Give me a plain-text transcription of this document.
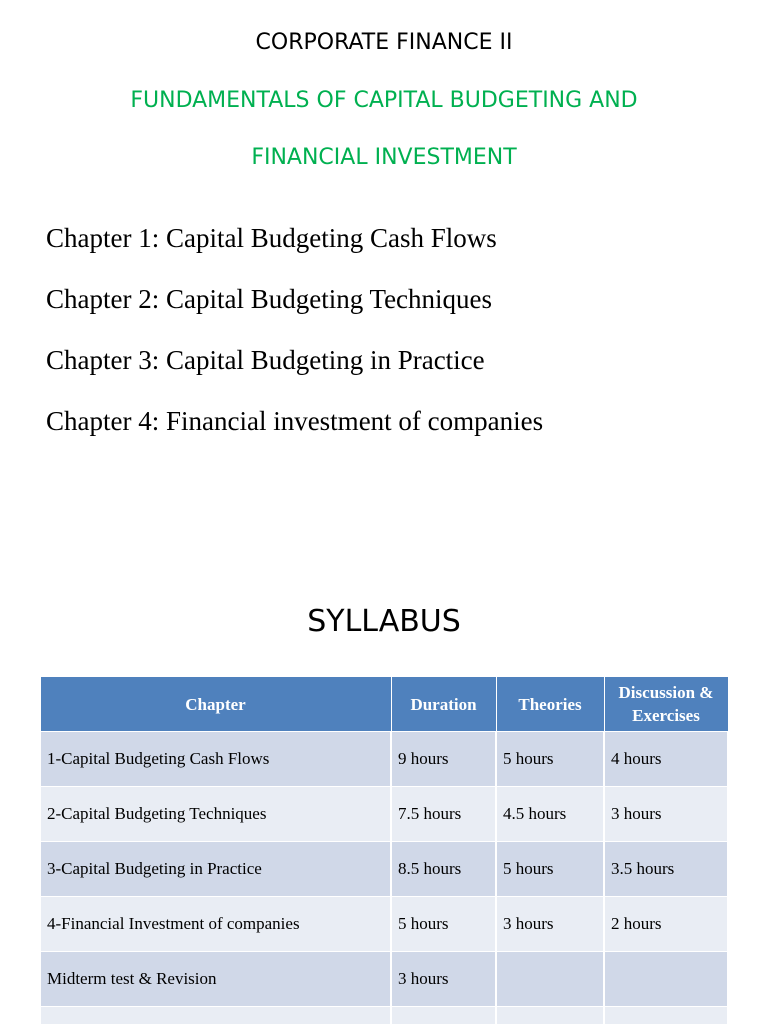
CORPORATE FINANCE II
FUNDAMENTALS OF CAPITAL BUDGETING AND
FINANCIAL INVESTMENT
Chapter 1: Capital Budgeting Cash Flows
Chapter 2: Capital Budgeting Techniques
Chapter 3: Capital Budgeting in Practice
Chapter 4: Financial investment of companies
SYLLABUS
Chapter	Duration	Theories	Discussion & Exercises
1-Capital Budgeting Cash Flows	9 hours	5 hours	4 hours
2-Capital Budgeting Techniques	7.5 hours	4.5 hours	3 hours
3-Capital Budgeting in Practice	8.5 hours	5 hours	3.5 hours
4-Financial Investment of companies	5 hours	3 hours	2 hours
Midterm test & Revision	3 hours		
